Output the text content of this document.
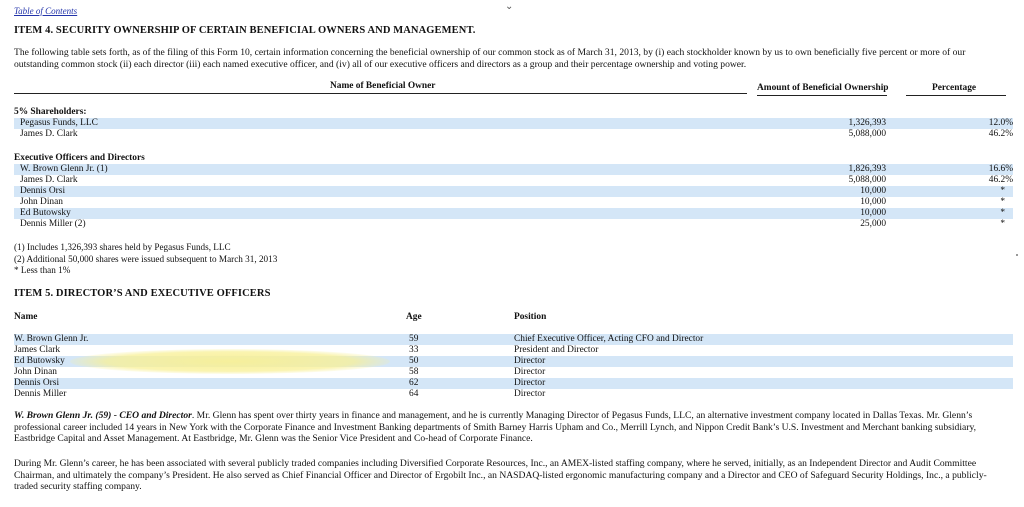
Table of Contents	⌄
ITEM 4. SECURITY OWNERSHIP OF CERTAIN BENEFICIAL OWNERS AND MANAGEMENT.
The following table sets forth, as of the filing of this Form 10, certain information concerning the beneficial ownership of our common stock as of March 31, 2013, by (i) each stockholder known by us to own beneficially five percent or more of our outstanding common stock (ii) each director (iii) each named executive officer, and (iv) all of our executive officers and directors as a group and their percentage ownership and voting power.
Name of Beneficial Owner	Amount of Beneficial Ownership	Percentage
5% Shareholders:
Pegasus Funds, LLC	1,326,393	12.0%
James D. Clark	5,088,000	46.2%
Executive Officers and Directors
W. Brown Glenn Jr. (1)	1,826,393	16.6%
James D. Clark	5,088,000	46.2%
Dennis Orsi	10,000	*
John Dinan	10,000	*
Ed Butowsky	10,000	*
Dennis Miller (2)	25,000	*
(1) Includes 1,326,393 shares held by Pegasus Funds, LLC
(2) Additional 50,000 shares were issued subsequent to March 31, 2013
* Less than 1%
ITEM 5. DIRECTOR’S AND EXECUTIVE OFFICERS
Name	Age	Position
W. Brown Glenn Jr.	59	Chief Executive Officer, Acting CFO and Director
James Clark	33	President and Director
Ed Butowsky	50	Director
John Dinan	58	Director
Dennis Orsi	62	Director
Dennis Miller	64	Director
W. Brown Glenn Jr. (59) - CEO and Director. Mr. Glenn has spent over thirty years in finance and management, and he is currently Managing Director of Pegasus Funds, LLC, an alternative investment company located in Dallas Texas. Mr. Glenn’s professional career included 14 years in New York with the Corporate Finance and Investment Banking departments of Smith Barney Harris Upham and Co., Merrill Lynch, and Nippon Credit Bank’s U.S. Investment and Merchant banking subsidiary, Eastbridge Capital and Asset Management. At Eastbridge, Mr. Glenn was the Senior Vice President and Co-head of Corporate Finance.
During Mr. Glenn’s career, he has been associated with several publicly traded companies including Diversified Corporate Resources, Inc., an AMEX-listed staffing company, where he served, initially, as an Independent Director and Audit Committee Chairman, and ultimately the company’s President. He also served as Chief Financial Officer and Director of Ergobilt Inc., an NASDAQ-listed ergonomic manufacturing company and a Director and CEO of Safeguard Security Holdings, Inc., a publicly-traded security staffing company.
